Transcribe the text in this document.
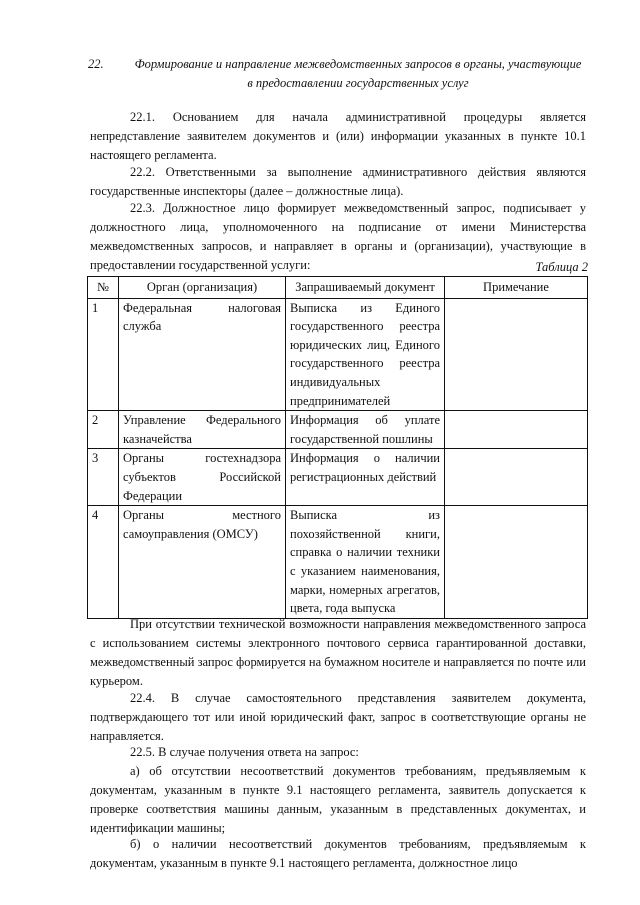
22.	Формирование и направление межведомственных запросов в органы, участвующие
в предоставлении государственных услуг
22.1. Основанием для начала административной процедуры является непредставление заявителем документов и (или) информации указанных в пункте 10.1 настоящего регламента.
22.2. Ответственными за выполнение административного действия являются государственные инспекторы (далее – должностные лица).
22.3. Должностное лицо формирует межведомственный запрос, подписывает у должностного лица, уполномоченного на подписание от имени Министерства межведомственных запросов, и направляет в органы и (организации), участвующие в предоставлении государственной услуги:	Таблица 2
№	Орган (организация)	Запрашиваемый документ	Примечание
1	Федеральная налоговая служба	Выписка из Единого государственного реестра юридических лиц, Единого государственного реестра индивидуальных предпринимателей	
2	Управление Федерального казначейства	Информация об уплате государственной пошлины	
3	Органы гостехнадзора субъектов Российской Федерации	Информация о наличии регистрационных действий	
4	Органы местного самоуправления (ОМСУ)	Выписка из похозяйственной книги, справка о наличии техники с указанием наименования, марки, номерных агрегатов, цвета, года выпуска	
При отсутствии технической возможности направления межведомственного запроса с использованием системы электронного почтового сервиса гарантированной доставки, межведомственный запрос формируется на бумажном носителе и направляется по почте или курьером.
22.4. В случае самостоятельного представления заявителем документа, подтверждающего тот или иной юридический факт, запрос в соответствующие органы не направляется.
22.5. В случае получения ответа на запрос:
а) об отсутствии несоответствий документов требованиям, предъявляемым к документам, указанным в пункте 9.1 настоящего регламента, заявитель допускается к проверке соответствия машины данным, указанным в представленных документах, и идентификации машины;
б) о наличии несоответствий документов требованиям, предъявляемым к документам, указанным в пункте 9.1 настоящего регламента, должностное лицо
